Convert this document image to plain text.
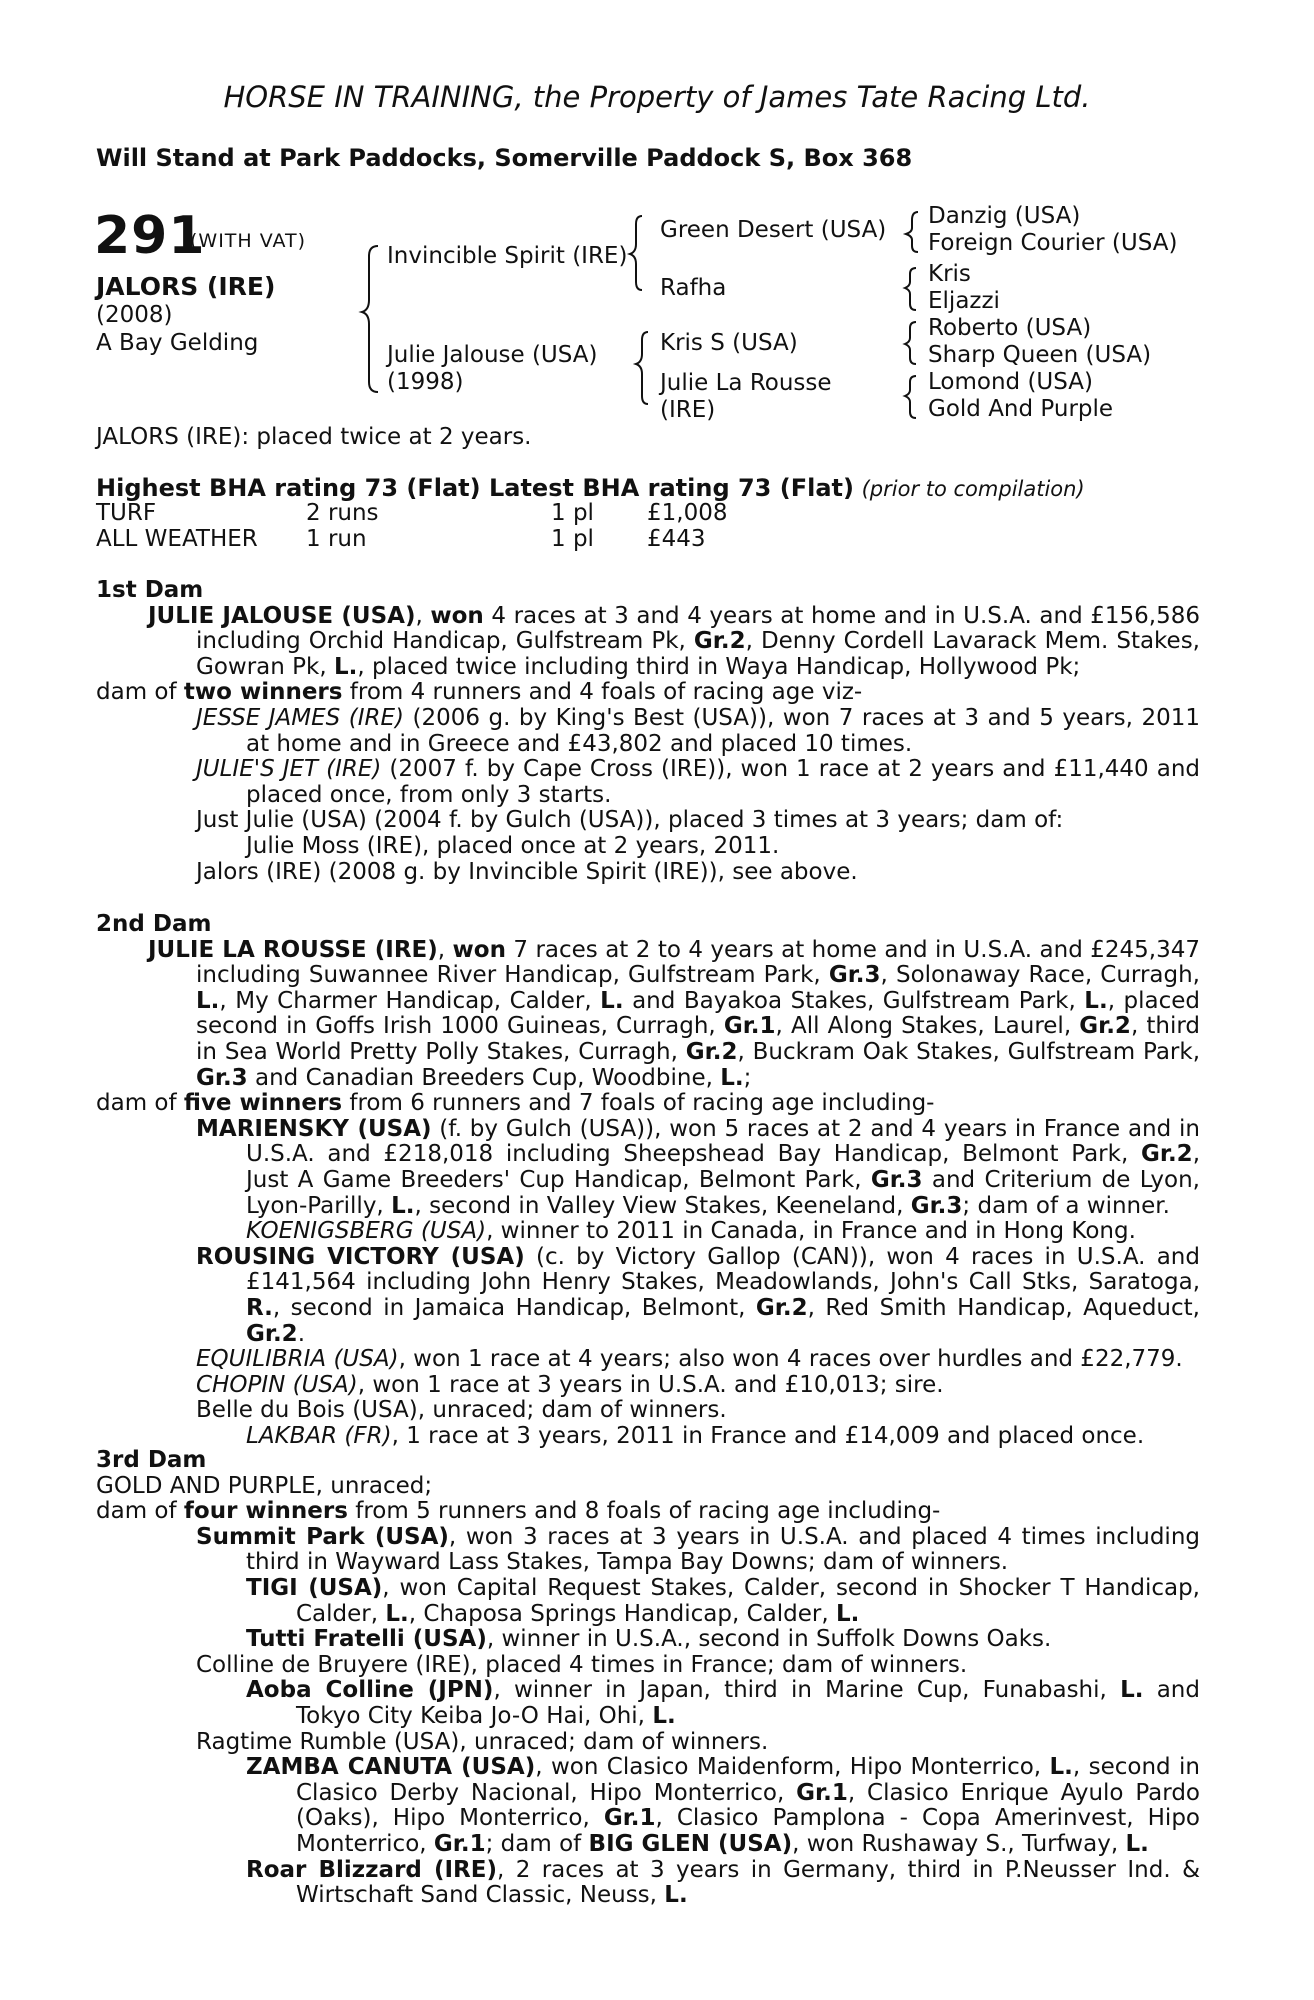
HORSE IN TRAINING, the Property of James Tate Racing Ltd.
Will Stand at Park Paddocks, Somerville Paddock S, Box 368
291
(WITH VAT)
JALORS (IRE)
(2008)
A Bay Gelding
Invincible Spirit (IRE)
Julie Jalouse (USA)
(1998)
Green Desert (USA)
Rafha
Kris S (USA)
Julie La Rousse
(IRE)
Danzig (USA)
Foreign Courier (USA)
Kris
Eljazzi
Roberto (USA)
Sharp Queen (USA)
Lomond (USA)
Gold And Purple
JALORS (IRE): placed twice at 2 years.
Highest BHA rating 73 (Flat) Latest BHA rating 73 (Flat) (prior to compilation)
TURF	2 runs	1 pl	£1,008
ALL WEATHER	1 run	1 pl	£443

1st Dam

JULIE JALOUSE (USA), won 4 races at 3 and 4 years at home and in U.S.A. and £156,586 including Orchid Handicap, Gulfstream Pk, Gr.2, Denny Cordell Lavarack Mem. Stakes, Gowran Pk, L., placed twice including third in Waya Handicap, Hollywood Pk;

dam of two winners from 4 runners and 4 foals of racing age viz-

JESSE JAMES (IRE) (2006 g. by King's Best (USA)), won 7 races at 3 and 5 years, 2011 at home and in Greece and £43,802 and placed 10 times.

JULIE'S JET (IRE) (2007 f. by Cape Cross (IRE)), won 1 race at 2 years and £11,440 and placed once, from only 3 starts.

Just Julie (USA) (2004 f. by Gulch (USA)), placed 3 times at 3 years; dam of:

Julie Moss (IRE), placed once at 2 years, 2011.

Jalors (IRE) (2008 g. by Invincible Spirit (IRE)), see above.

2nd Dam

JULIE LA ROUSSE (IRE), won 7 races at 2 to 4 years at home and in U.S.A. and £245,347 including Suwannee River Handicap, Gulfstream Park, Gr.3, Solonaway Race, Curragh, L., My Charmer Handicap, Calder, L. and Bayakoa Stakes, Gulfstream Park, L., placed second in Goffs Irish 1000 Guineas, Curragh, Gr.1, All Along Stakes, Laurel, Gr.2, third in Sea World Pretty Polly Stakes, Curragh, Gr.2, Buckram Oak Stakes, Gulfstream Park, Gr.3 and Canadian Breeders Cup, Woodbine, L.;

dam of five winners from 6 runners and 7 foals of racing age including-

MARIENSKY (USA) (f. by Gulch (USA)), won 5 races at 2 and 4 years in France and in U.S.A. and £218,018 including Sheepshead Bay Handicap, Belmont Park, Gr.2, Just A Game Breeders' Cup Handicap, Belmont Park, Gr.3 and Criterium de Lyon, Lyon-Parilly, L., second in Valley View Stakes, Keeneland, Gr.3; dam of a winner.

KOENIGSBERG (USA), winner to 2011 in Canada, in France and in Hong Kong.

ROUSING VICTORY (USA) (c. by Victory Gallop (CAN)), won 4 races in U.S.A. and £141,564 including John Henry Stakes, Meadowlands, John's Call Stks, Saratoga, R., second in Jamaica Handicap, Belmont, Gr.2, Red Smith Handicap, Aqueduct, Gr.2.

EQUILIBRIA (USA), won 1 race at 4 years; also won 4 races over hurdles and £22,779.

CHOPIN (USA), won 1 race at 3 years in U.S.A. and £10,013; sire.

Belle du Bois (USA), unraced; dam of winners.

LAKBAR (FR), 1 race at 3 years, 2011 in France and £14,009 and placed once.

3rd Dam

GOLD AND PURPLE, unraced;

dam of four winners from 5 runners and 8 foals of racing age including-

Summit Park (USA), won 3 races at 3 years in U.S.A. and placed 4 times including third in Wayward Lass Stakes, Tampa Bay Downs; dam of winners.

TIGI (USA), won Capital Request Stakes, Calder, second in Shocker T Handicap, Calder, L., Chaposa Springs Handicap, Calder, L.

Tutti Fratelli (USA), winner in U.S.A., second in Suffolk Downs Oaks.

Colline de Bruyere (IRE), placed 4 times in France; dam of winners.

Aoba Colline (JPN), winner in Japan, third in Marine Cup, Funabashi, L. and Tokyo City Keiba Jo-O Hai, Ohi, L.

Ragtime Rumble (USA), unraced; dam of winners.

ZAMBA CANUTA (USA), won Clasico Maidenform, Hipo Monterrico, L., second in Clasico Derby Nacional, Hipo Monterrico, Gr.1, Clasico Enrique Ayulo Pardo (Oaks), Hipo Monterrico, Gr.1, Clasico Pamplona - Copa Amerinvest, Hipo Monterrico, Gr.1; dam of BIG GLEN (USA), won Rushaway S., Turfway, L.

Roar Blizzard (IRE), 2 races at 3 years in Germany, third in P.Neusser Ind. & Wirtschaft Sand Classic, Neuss, L.
